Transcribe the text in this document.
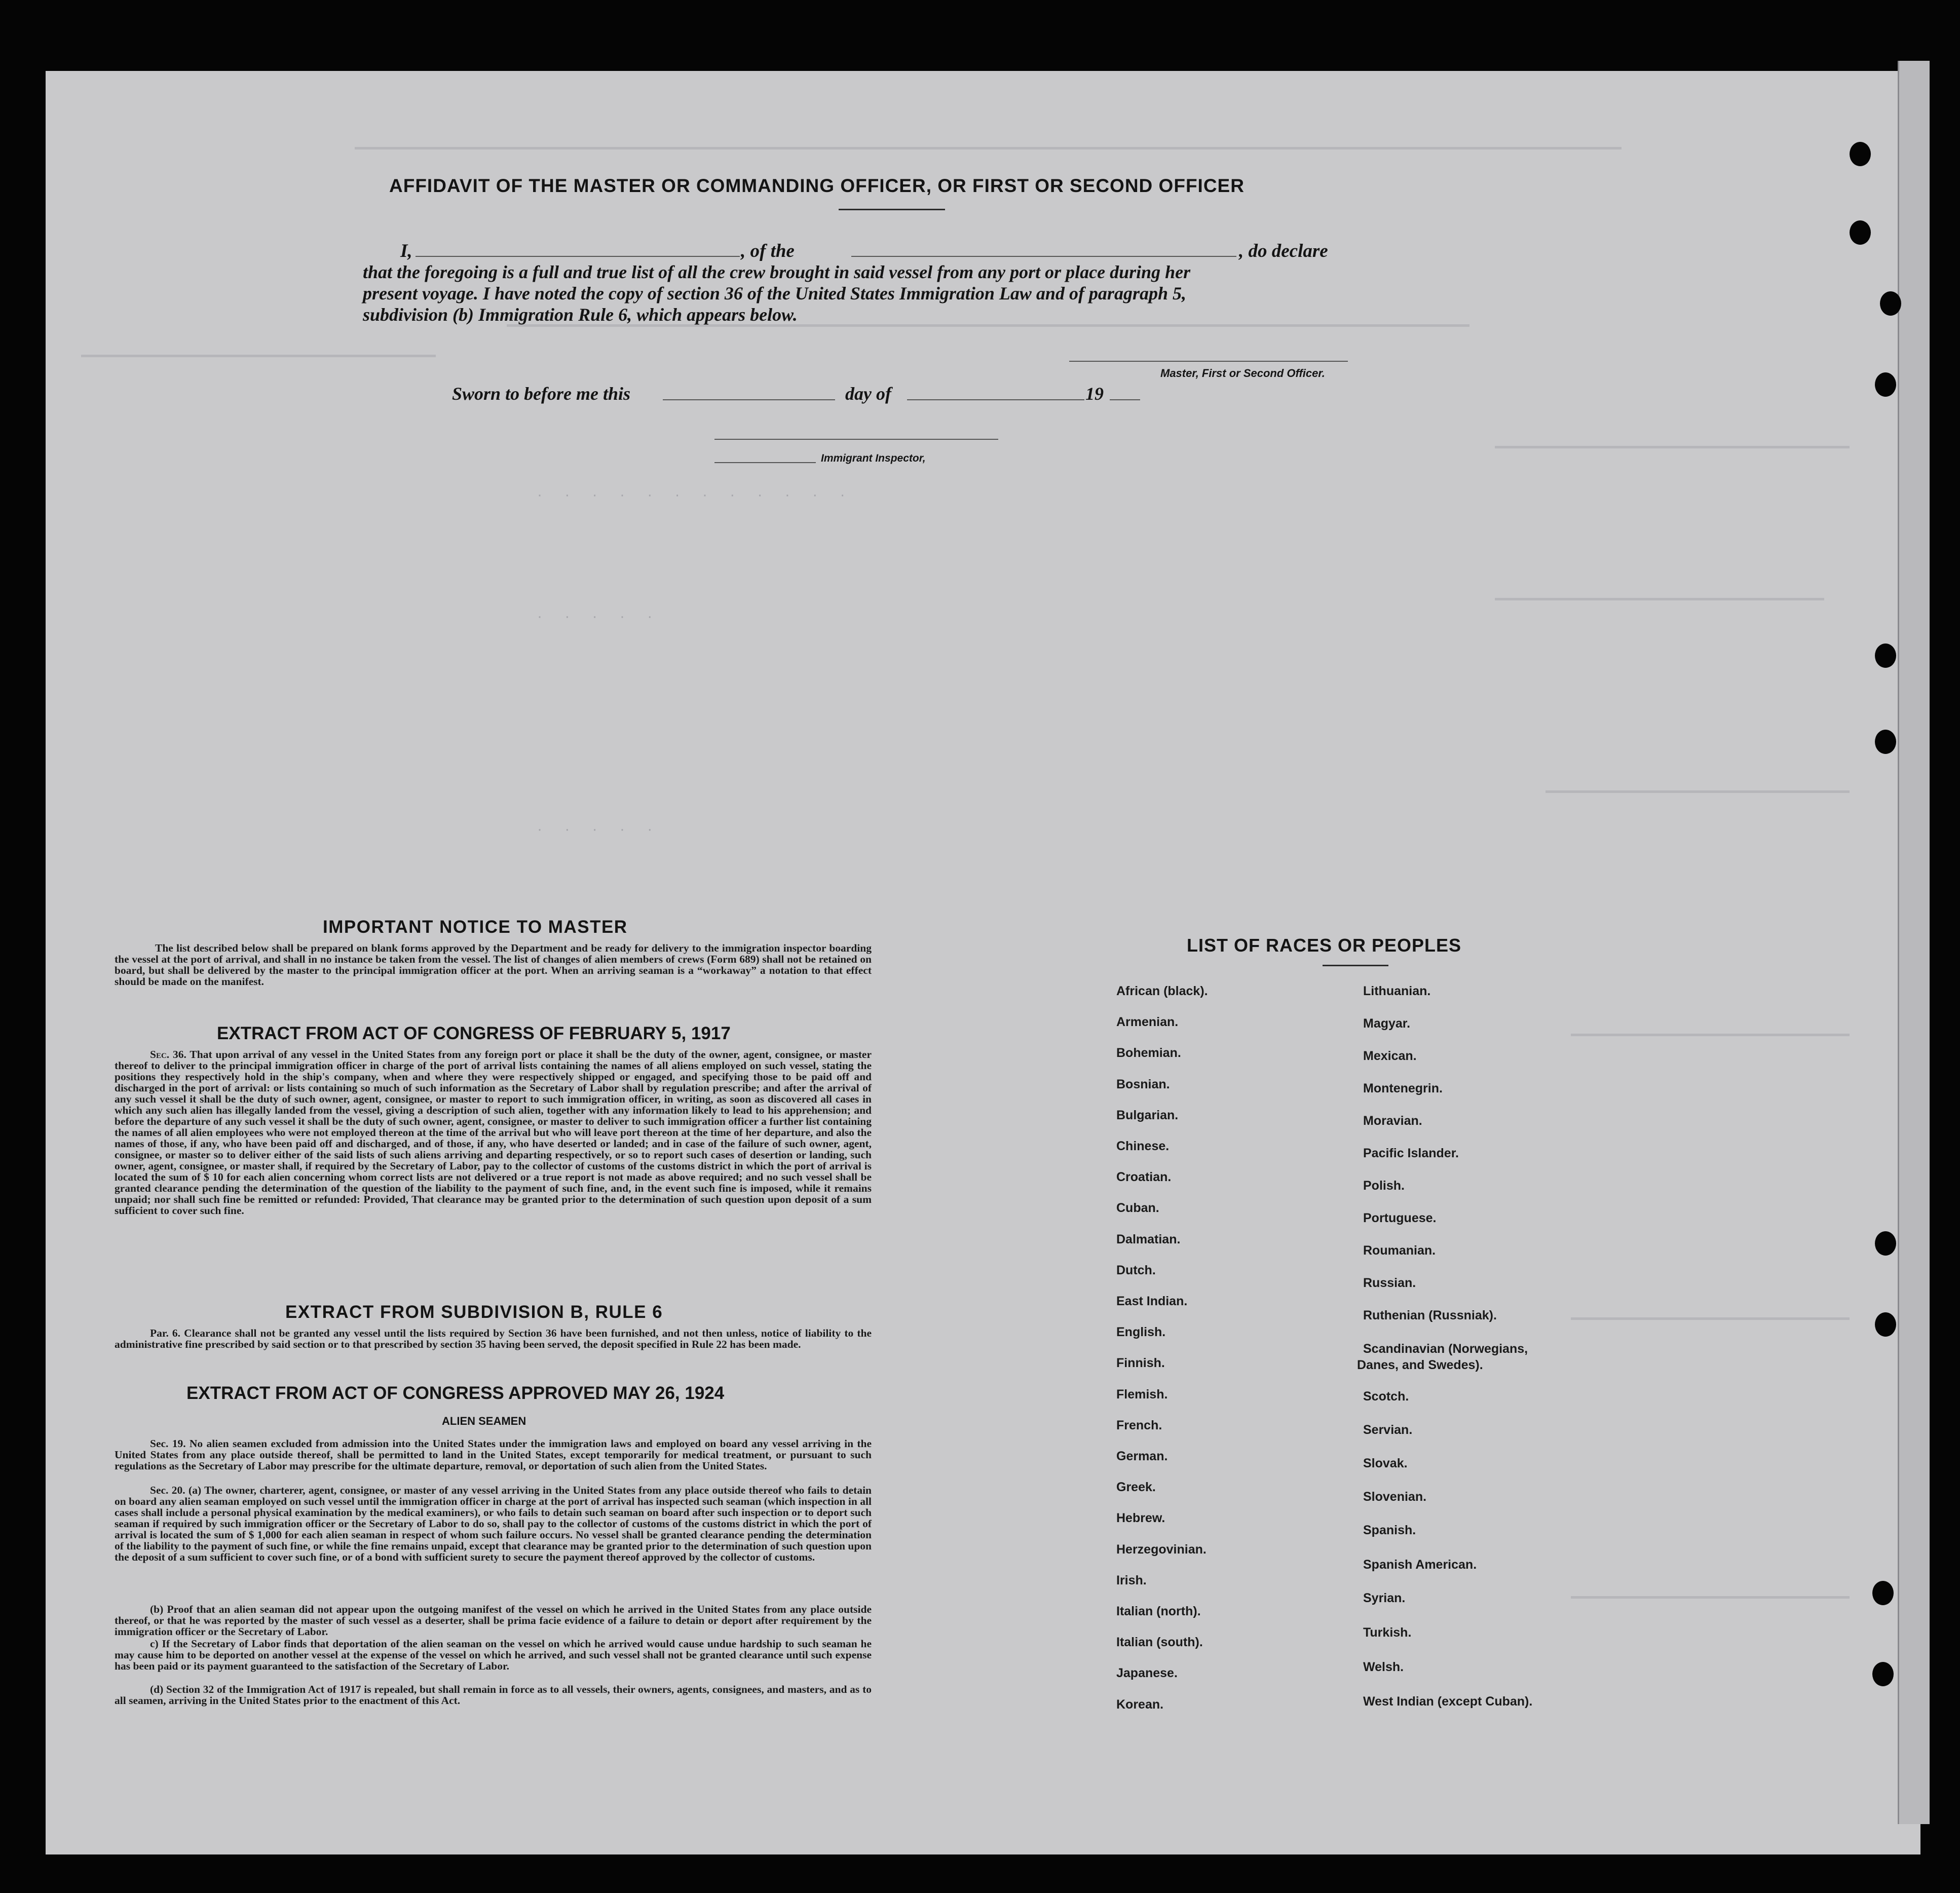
· · · · · · · · · · · ·
· · · · ·
· · · · ·
AFFIDAVIT OF THE MASTER OR COMMANDING OFFICER, OR FIRST OR SECOND OFFICER
I,	, of the	, do declare
that the foregoing is a full and true list of all the crew brought in said vessel from any port or place during her
present voyage. I have noted the copy of section 36 of the United States Immigration Law and of paragraph 5,
subdivision (b) Immigration Rule 6, which appears below.
Master, First or Second Officer.
Sworn to before me this	day of	19
Immigrant Inspector,
IMPORTANT NOTICE TO MASTER
The list described below shall be prepared on blank forms approved by the Department and be ready for delivery to the immigration inspector boarding the vessel at the port of arrival, and shall in no instance be taken from the vessel. The list of changes of alien members of crews (Form 689) shall not be retained on board, but shall be delivered by the master to the principal immigration officer at the port. When an arriving seaman is a “workaway” a notation to that effect should be made on the manifest.
EXTRACT FROM ACT OF CONGRESS OF FEBRUARY 5, 1917
Sec. 36. That upon arrival of any vessel in the United States from any foreign port or place it shall be the duty of the owner, agent, consignee, or master thereof to deliver to the principal immigration officer in charge of the port of arrival lists containing the names of all aliens employed on such vessel, stating the positions they respectively hold in the ship's company, when and where they were respectively shipped or engaged, and specifying those to be paid off and discharged in the port of arrival: or lists containing so much of such information as the Secretary of Labor shall by regulation prescribe; and after the arrival of any such vessel it shall be the duty of such owner, agent, consignee, or master to report to such immigration officer, in writing, as soon as discovered all cases in which any such alien has illegally landed from the vessel, giving a description of such alien, together with any information likely to lead to his apprehension; and before the departure of any such vessel it shall be the duty of such owner, agent, consignee, or master to deliver to such immigration officer a further list containing the names of all alien employees who were not employed thereon at the time of the arrival but who will leave port thereon at the time of her departure, and also the names of those, if any, who have been paid off and discharged, and of those, if any, who have deserted or landed; and in case of the failure of such owner, agent, consignee, or master so to deliver either of the said lists of such aliens arriving and departing respectively, or so to report such cases of desertion or landing, such owner, agent, consignee, or master shall, if required by the Secretary of Labor, pay to the collector of customs of the customs district in which the port of arrival is located the sum of $ 10 for each alien concerning whom correct lists are not delivered or a true report is not made as above required; and no such vessel shall be granted clearance pending the determination of the question of the liability to the payment of such fine, and, in the event such fine is imposed, while it remains unpaid; nor shall such fine be remitted or refunded: Provided, That clearance may be granted prior to the determination of such question upon deposit of a sum sufficient to cover such fine.
EXTRACT FROM SUBDIVISION B, RULE 6
Par. 6. Clearance shall not be granted any vessel until the lists required by Section 36 have been furnished, and not then unless, notice of liability to the administrative fine prescribed by said section or to that prescribed by section 35 having been served, the deposit specified in Rule 22 has been made.
EXTRACT FROM ACT OF CONGRESS APPROVED MAY 26, 1924
ALIEN SEAMEN
Sec. 19. No alien seamen excluded from admission into the United States under the immigration laws and employed on board any vessel arriving in the United States from any place outside thereof, shall be permitted to land in the United States, except temporarily for medical treatment, or pursuant to such regulations as the Secretary of Labor may prescribe for the ultimate departure, removal, or deportation of such alien from the United States.
Sec. 20. (a) The owner, charterer, agent, consignee, or master of any vessel arriving in the United States from any place outside thereof who fails to detain on board any alien seaman employed on such vessel until the immigration officer in charge at the port of arrival has inspected such seaman (which inspection in all cases shall include a personal physical examination by the medical examiners), or who fails to detain such seaman on board after such inspection or to deport such seaman if required by such immigration officer or the Secretary of Labor to do so, shall pay to the collector of customs of the customs district in which the port of arrival is located the sum of $ 1,000 for each alien seaman in respect of whom such failure occurs. No vessel shall be granted clearance pending the determination of the liability to the payment of such fine, or while the fine remains unpaid, except that clearance may be granted prior to the determination of such question upon the deposit of a sum sufficient to cover such fine, or of a bond with sufficient surety to secure the payment thereof approved by the collector of customs.
(b) Proof that an alien seaman did not appear upon the outgoing manifest of the vessel on which he arrived in the United States from any place outside thereof, or that he was reported by the master of such vessel as a deserter, shall be prima facie evidence of a failure to detain or deport after requirement by the immigration officer or the Secretary of Labor.
c) If the Secretary of Labor finds that deportation of the alien seaman on the vessel on which he arrived would cause undue hardship to such seaman he may cause him to be deported on another vessel at the expense of the vessel on which he arrived, and such vessel shall not be granted clearance until such expense has been paid or its payment guaranteed to the satisfaction of the Secretary of Labor.
(d) Section 32 of the Immigration Act of 1917 is repealed, but shall remain in force as to all vessels, their owners, agents, consignees, and masters, and as to all seamen, arriving in the United States prior to the enactment of this Act.
LIST OF RACES OR PEOPLES
African (black).
Armenian.
Bohemian.
Bosnian.
Bulgarian.
Chinese.
Croatian.
Cuban.
Dalmatian.
Dutch.
East Indian.
English.
Finnish.
Flemish.
French.
German.
Greek.
Hebrew.
Herzegovinian.
Irish.
Italian (north).
Italian (south).
Japanese.
Korean.
Lithuanian.
Magyar.
Mexican.
Montenegrin.
Moravian.
Pacific Islander.
Polish.
Portuguese.
Roumanian.
Russian.
Ruthenian (Russniak).
Scandinavian (Norwegians,
Danes, and Swedes).
Scotch.
Servian.
Slovak.
Slovenian.
Spanish.
Spanish American.
Syrian.
Turkish.
Welsh.
West Indian (except Cuban).
